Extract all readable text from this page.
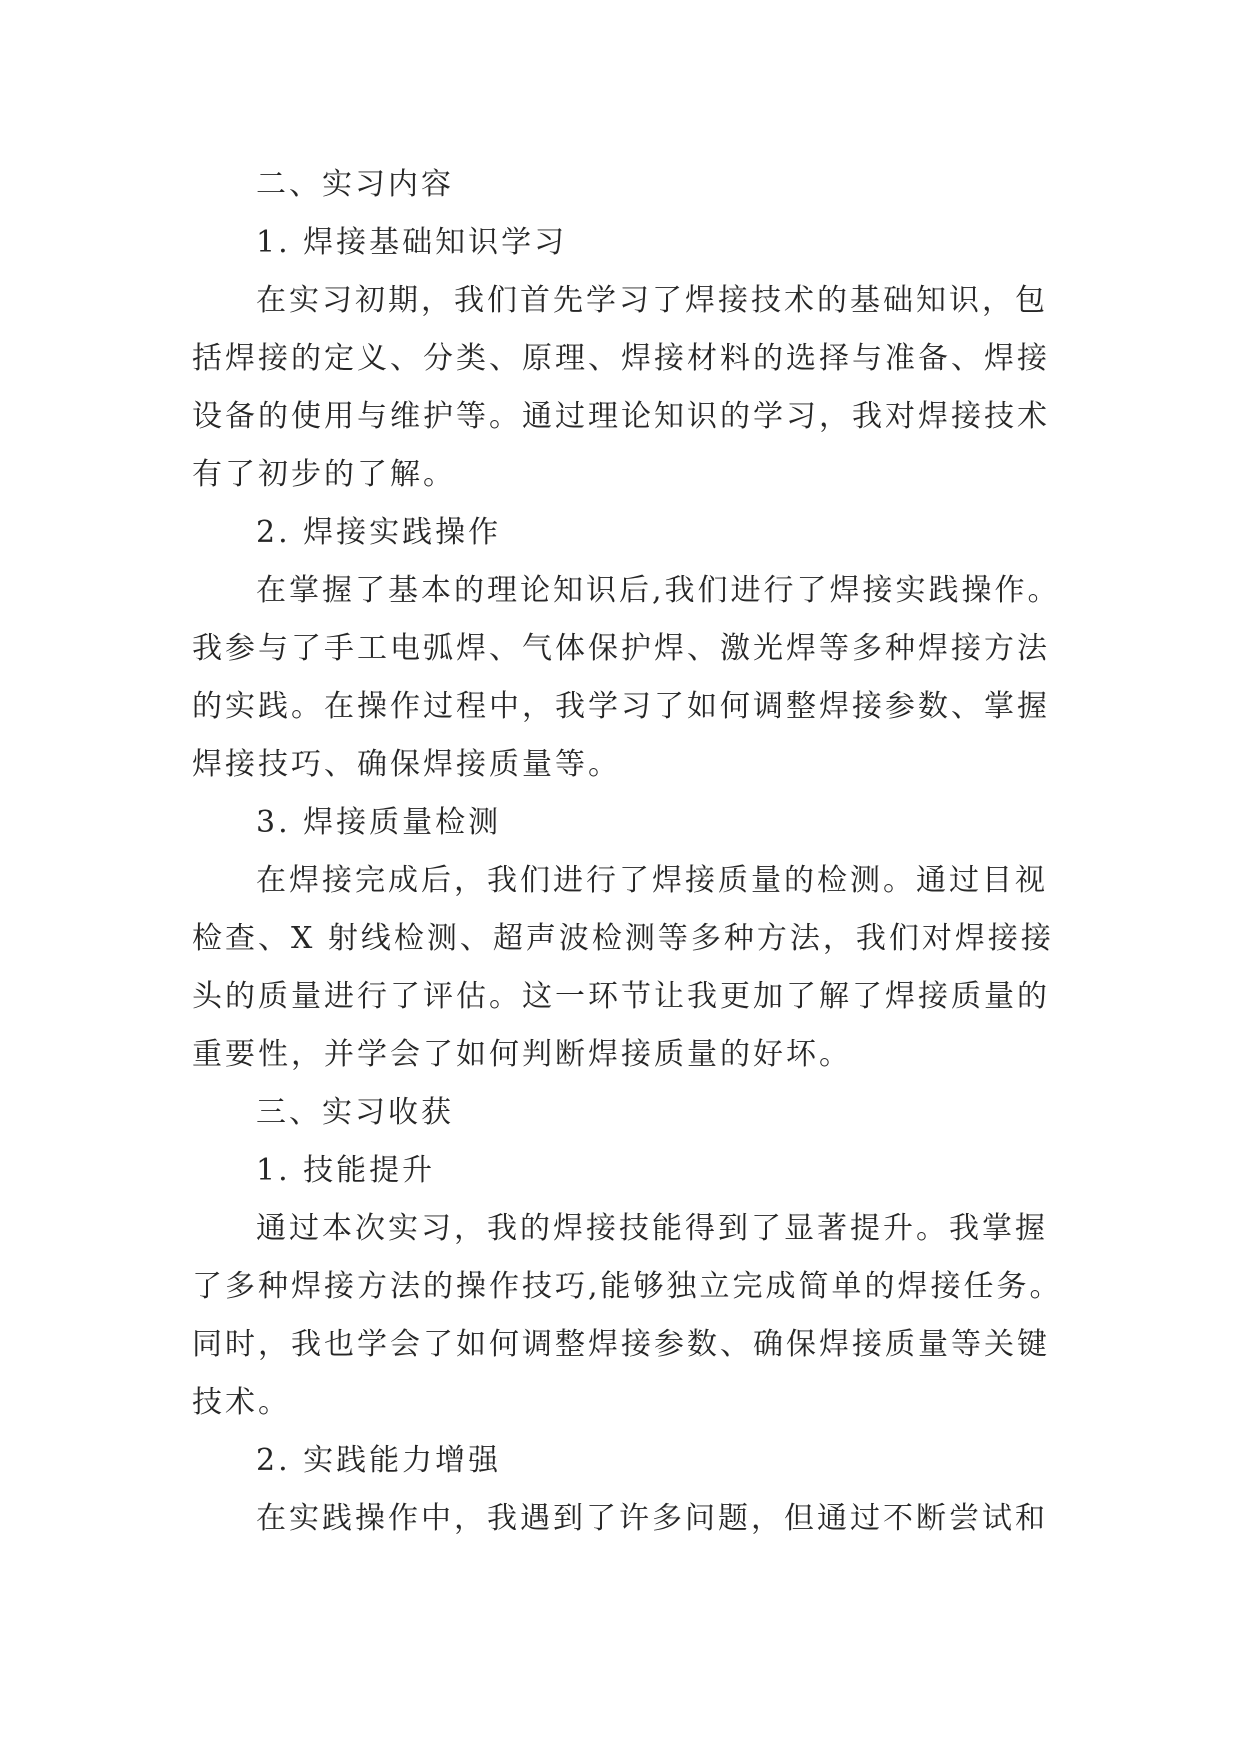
二、实习内容
1. 焊接基础知识学习
在实习初期，我们首先学习了焊接技术的基础知识，包
括焊接的定义、分类、原理、焊接材料的选择与准备、焊接
设备的使用与维护等。通过理论知识的学习，我对焊接技术
有了初步的了解。
2. 焊接实践操作
在掌握了基本的理论知识后,我们进行了焊接实践操作。
我参与了手工电弧焊、气体保护焊、激光焊等多种焊接方法
的实践。在操作过程中，我学习了如何调整焊接参数、掌握
焊接技巧、确保焊接质量等。
3. 焊接质量检测
在焊接完成后，我们进行了焊接质量的检测。通过目视
检查、X 射线检测、超声波检测等多种方法，我们对焊接接
头的质量进行了评估。这一环节让我更加了解了焊接质量的
重要性，并学会了如何判断焊接质量的好坏。
三、实习收获
1. 技能提升
通过本次实习，我的焊接技能得到了显著提升。我掌握
了多种焊接方法的操作技巧,能够独立完成简单的焊接任务。
同时，我也学会了如何调整焊接参数、确保焊接质量等关键
技术。
2. 实践能力增强
在实践操作中，我遇到了许多问题，但通过不断尝试和
